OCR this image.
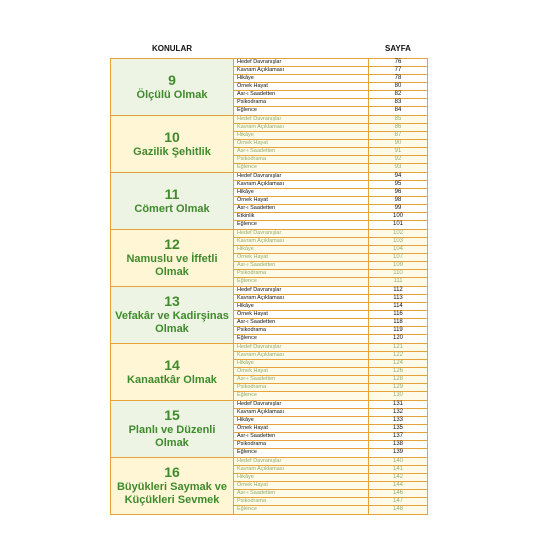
KONULAR	SAYFA
9
Ölçülü Olmak
Hedef Davranışlar	76
Kavram Açıklaması	77
Hikâye	78
Örnek Hayat	80
Asr-ı Saadetten	82
Psikodrama	83
Eğlence	84
10
Gazilik Şehitlik
Hedef Davranışlar	85
Kavram Açıklaması	86
Hikâye	87
Örnek Hayat	90
Asr-ı Saadetten	91
Psikodrama	92
Eğlence	93
11
Cömert Olmak
Hedef Davranışlar	94
Kavram Açıklaması	95
Hikâye	96
Örnek Hayat	98
Asr-ı Saadetten	99
Etkinlik	100
Eğlence	101
12
Namuslu ve İffetli Olmak
Hedef Davranışlar	102
Kavram Açıklaması	103
Hikâye	104
Örnek Hayat	107
Asr-ı Saadetten	109
Psikodrama	110
Eğlence	111
13
Vefakâr ve Kadirşinas Olmak
Hedef Davranışlar	112
Kavram Açıklaması	113
Hikâye	114
Örnek Hayat	116
Asr-ı Saadetten	118
Psikodrama	119
Eğlence	120
14
Kanaatkâr Olmak
Hedef Davranışlar	121
Kavram Açıklaması	122
Hikâye	124
Örnek Hayat	126
Asr-ı Saadetten	128
Psikodrama	129
Eğlence	130
15
Planlı ve Düzenli Olmak
Hedef Davranışlar	131
Kavram Açıklaması	132
Hikâye	133
Örnek Hayat	135
Asr-ı Saadetten	137
Psikodrama	138
Eğlence	139
16
Büyükleri Saymak ve Küçükleri Sevmek
Hedef Davranışlar	140
Kavram Açıklaması	141
Hikâye	142
Örnek Hayat	144
Asr-ı Saadetten	146
Psikodrama	147
Eğlence	148
